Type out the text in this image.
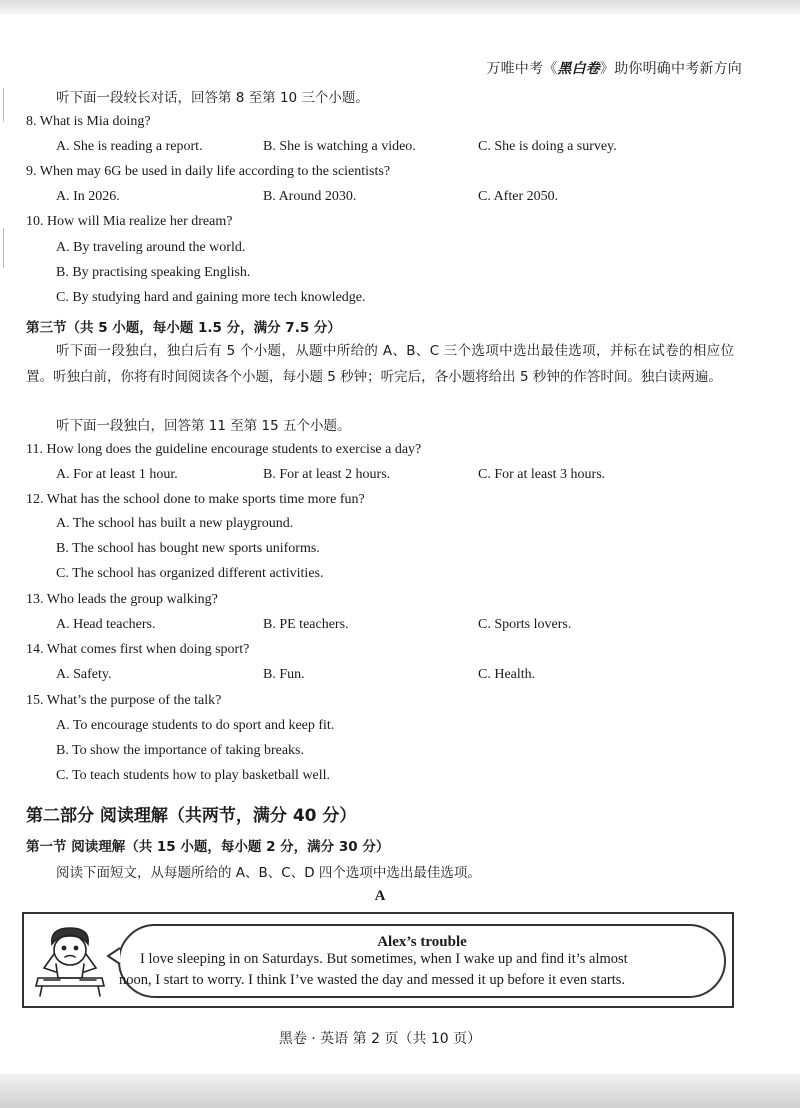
万唯中考《黑白卷》助你明确中考新方向
听下面一段较长对话，回答第 8 至第 10 三个小题。
8. What is Mia doing?
A. She is reading a report.	B. She is watching a video.	C. She is doing a survey.
9. When may 6G be used in daily life according to the scientists?
A. In 2026.	B. Around 2030.	C. After 2050.
10. How will Mia realize her dream?
A. By traveling around the world.
B. By practising speaking English.
C. By studying hard and gaining more tech knowledge.
第三节（共 5 小题，每小题 1.5 分，满分 7.5 分）
听下面一段独白，独白后有 5 个小题，从题中所给的 A、B、C 三个选项中选出最佳选项，并标在试卷的相应位置。听独白前，你将有时间阅读各个小题，每小题 5 秒钟；听完后，各小题将给出 5 秒钟的作答时间。独白读两遍。
听下面一段独白，回答第 11 至第 15 五个小题。
11. How long does the guideline encourage students to exercise a day?
A. For at least 1 hour.	B. For at least 2 hours.	C. For at least 3 hours.
12. What has the school done to make sports time more fun?
A. The school has built a new playground.
B. The school has bought new sports uniforms.
C. The school has organized different activities.
13. Who leads the group walking?
A. Head teachers.	B. PE teachers.	C. Sports lovers.
14. What comes first when doing sport?
A. Safety.	B. Fun.	C. Health.
15. What’s the purpose of the talk?
A. To encourage students to do sport and keep fit.
B. To show the importance of taking breaks.
C. To teach students how to play basketball well.
第二部分 阅读理解（共两节，满分 40 分）
第一节 阅读理解（共 15 小题，每小题 2 分，满分 30 分）
阅读下面短文，从每题所给的 A、B、C、D 四个选项中选出最佳选项。
A
Alex’s trouble
I love sleeping in on Saturdays. But sometimes, when I wake up and find it’s almost
noon, I start to worry. I think I’ve wasted the day and messed it up before it even starts.
黑卷 · 英语 第 2 页（共 10 页）
